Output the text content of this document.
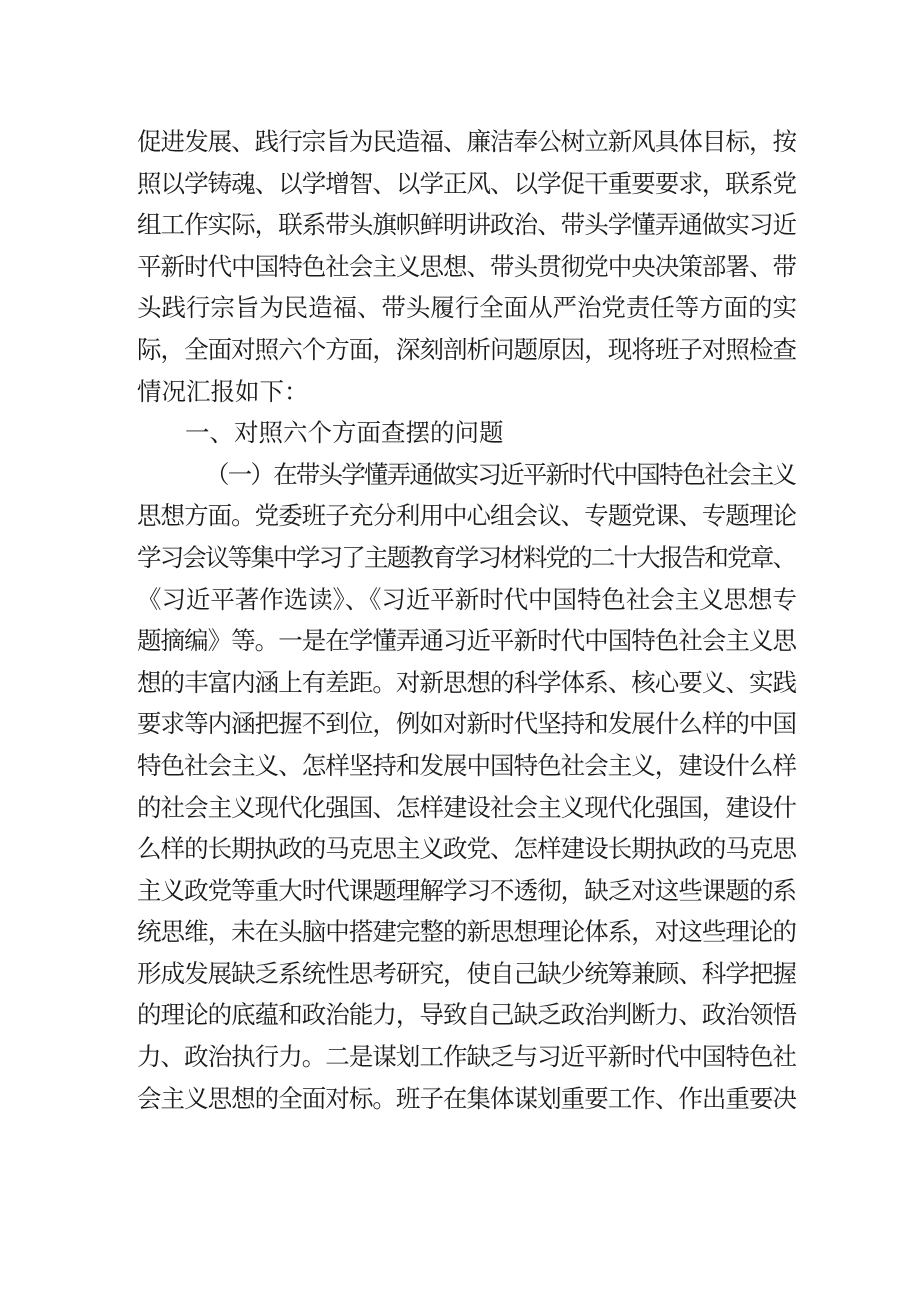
促进发展、践行宗旨为民造福、廉洁奉公树立新风具体目标，按
照以学铸魂、以学增智、以学正风、以学促干重要要求，联系党
组工作实际，联系带头旗帜鲜明讲政治、带头学懂弄通做实习近
平新时代中国特色社会主义思想、带头贯彻党中央决策部署、带
头践行宗旨为民造福、带头履行全面从严治党责任等方面的实
际，全面对照六个方面，深刻剖析问题原因，现将班子对照检查
情况汇报如下：
一、对照六个方面查摆的问题
（一）在带头学懂弄通做实习近平新时代中国特色社会主义
思想方面。党委班子充分利用中心组会议、专题党课、专题理论
学习会议等集中学习了主题教育学习材料党的二十大报告和党章、
《习近平著作选读》、《习近平新时代中国特色社会主义思想专
题摘编》等。一是在学懂弄通习近平新时代中国特色社会主义思
想的丰富内涵上有差距。对新思想的科学体系、核心要义、实践
要求等内涵把握不到位，例如对新时代坚持和发展什么样的中国
特色社会主义、怎样坚持和发展中国特色社会主义，建设什么样
的社会主义现代化强国、怎样建设社会主义现代化强国，建设什
么样的长期执政的马克思主义政党、怎样建设长期执政的马克思
主义政党等重大时代课题理解学习不透彻，缺乏对这些课题的系
统思维，未在头脑中搭建完整的新思想理论体系，对这些理论的
形成发展缺乏系统性思考研究，使自己缺少统筹兼顾、科学把握
的理论的底蕴和政治能力，导致自己缺乏政治判断力、政治领悟
力、政治执行力。二是谋划工作缺乏与习近平新时代中国特色社
会主义思想的全面对标。班子在集体谋划重要工作、作出重要决
